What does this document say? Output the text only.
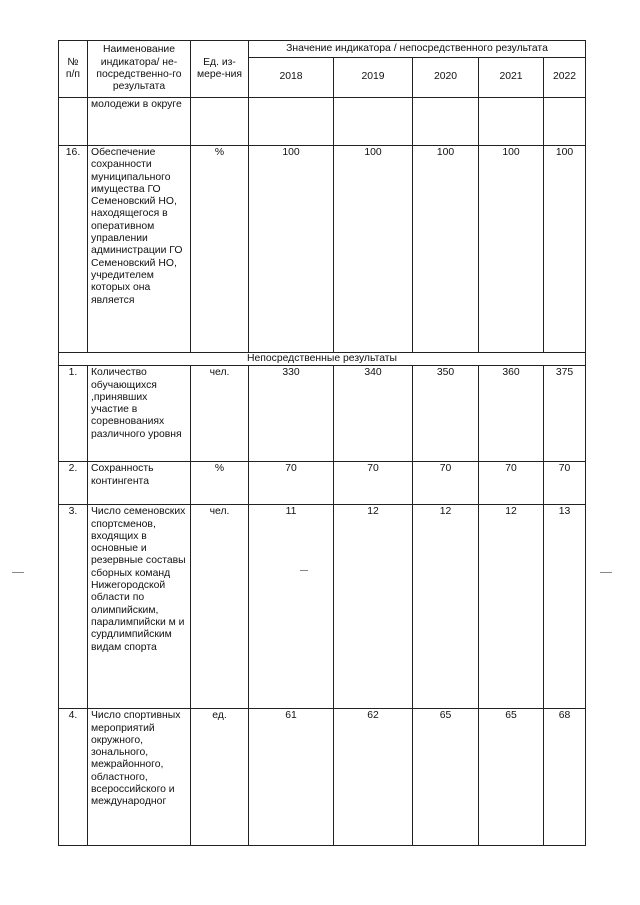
№ п/п	Наименование индикатора/ не-посредственно-го результата	Ед. из-мере-ния	Значение индикатора / непосредственного результата				
			2018	2019	2020	2021	2022
	молодежи в округе						
16.	Обеспечение сохранности муниципального имущества ГО Семеновский НО, находящегося в оперативном управлении администрации ГО Семеновский НО, учредителем которых она является	%	100	100	100	100	100
Непосредственные результаты							
1.	Количество обучающихся ,принявших участие в соревнованиях различного уровня	чел.	330	340	350	360	375
2.	Сохранность контингента	%	70	70	70	70	70
3.	Число семеновских спортсменов, входящих в основные и резервные составы сборных команд Нижегородской области по олимпийским, паралимпийски м и сурдлимпийским видам спорта	чел.	11	12	12	12	13
4.	Число спортивных мероприятий окружного, зонального, межрайонного, областного, всероссийского и международног	ед.	61	62	65	65	68
